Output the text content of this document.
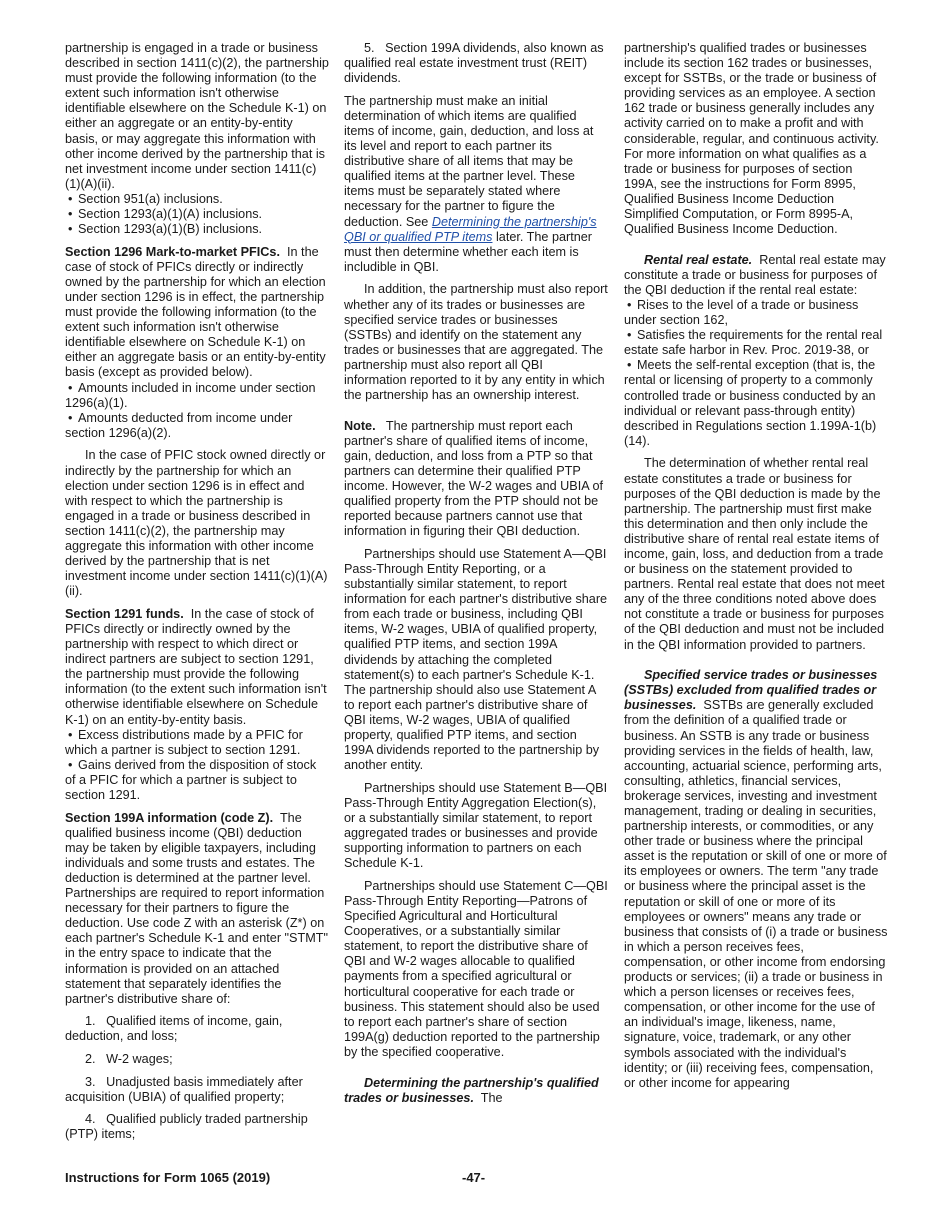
partnership is engaged in a trade or business described in section 1411(c)(2), the partnership must provide the following information (to the extent such information isn't otherwise identifiable elsewhere on the Schedule K-1) on either an aggregate or an entity-by-entity basis, or may aggregate this information with other income derived by the partnership that is net investment income under section 1411(c)(1)(A)(ii).

• Section 951(a) inclusions.
• Section 1293(a)(1)(A) inclusions.
• Section 1293(a)(1)(B) inclusions.

Section 1296 Mark-to-market PFICs. In the case of stock of PFICs directly or indirectly owned by the partnership for which an election under section 1296 is in effect, the partnership must provide the following information (to the extent such information isn't otherwise identifiable elsewhere on Schedule K-1) on either an aggregate basis or an entity-by-entity basis (except as provided below).

• Amounts included in income under section 1296(a)(1).
• Amounts deducted from income under section 1296(a)(2).

In the case of PFIC stock owned directly or indirectly by the partnership for which an election under section 1296 is in effect and with respect to which the partnership is engaged in a trade or business described in section 1411(c)(2), the partnership may aggregate this information with other income derived by the partnership that is net investment income under section 1411(c)(1)(A)(ii).

Section 1291 funds. In the case of stock of PFICs directly or indirectly owned by the partnership with respect to which direct or indirect partners are subject to section 1291, the partnership must provide the following information (to the extent such information isn't otherwise identifiable elsewhere on Schedule K-1) on an entity-by-entity basis.

• Excess distributions made by a PFIC for which a partner is subject to section 1291.
• Gains derived from the disposition of stock of a PFIC for which a partner is subject to section 1291.

Section 199A information (code Z). The qualified business income (QBI) deduction may be taken by eligible taxpayers, including individuals and some trusts and estates. The deduction is determined at the partner level. Partnerships are required to report information necessary for their partners to figure the deduction. Use code Z with an asterisk (Z*) on each partner's Schedule K-1 and enter "STMT" in the entry space to indicate that the information is provided on an attached statement that separately identifies the partner's distributive share of:

1.   Qualified items of income, gain, deduction, and loss;

2.   W-2 wages;

3.   Unadjusted basis immediately after acquisition (UBIA) of qualified property;

4.   Qualified publicly traded partnership (PTP) items;

5.   Section 199A dividends, also known as qualified real estate investment trust (REIT) dividends.

The partnership must make an initial determination of which items are qualified items of income, gain, deduction, and loss at its level and report to each partner its distributive share of all items that may be qualified items at the partner level. These items must be separately stated where necessary for the partner to figure the deduction. See Determining the partnership's QBI or qualified PTP items later. The partner must then determine whether each item is includible in QBI.

In addition, the partnership must also report whether any of its trades or businesses are specified service trades or businesses (SSTBs) and identify on the statement any trades or businesses that are aggregated. The partnership must also report all QBI information reported to it by any entity in which the partnership has an ownership interest.

Note. The partnership must report each partner's share of qualified items of income, gain, deduction, and loss from a PTP so that partners can determine their qualified PTP income. However, the W-2 wages and UBIA of qualified property from the PTP should not be reported because partners cannot use that information in figuring their QBI deduction.

Partnerships should use Statement A—QBI Pass-Through Entity Reporting, or a substantially similar statement, to report information for each partner's distributive share from each trade or business, including QBI items, W-2 wages, UBIA of qualified property, qualified PTP items, and section 199A dividends by attaching the completed statement(s) to each partner's Schedule K-1. The partnership should also use Statement A to report each partner's distributive share of QBI items, W-2 wages, UBIA of qualified property, qualified PTP items, and section 199A dividends reported to the partnership by another entity.

Partnerships should use Statement B—QBI Pass-Through Entity Aggregation Election(s), or a substantially similar statement, to report aggregated trades or businesses and provide supporting information to partners on each Schedule K-1.

Partnerships should use Statement C—QBI Pass-Through Entity Reporting—Patrons of Specified Agricultural and Horticultural Cooperatives, or a substantially similar statement, to report the distributive share of QBI and W-2 wages allocable to qualified payments from a specified agricultural or horticultural cooperative for each trade or business. This statement should also be used to report each partner's share of section 199A(g) deduction reported to the partnership by the specified cooperative.

Determining the partnership's qualified trades or businesses. The

partnership's qualified trades or businesses include its section 162 trades or businesses, except for SSTBs, or the trade or business of providing services as an employee. A section 162 trade or business generally includes any activity carried on to make a profit and with considerable, regular, and continuous activity. For more information on what qualifies as a trade or business for purposes of section 199A, see the instructions for Form 8995, Qualified Business Income Deduction Simplified Computation, or Form 8995-A, Qualified Business Income Deduction.

Rental real estate. Rental real estate may constitute a trade or business for purposes of the QBI deduction if the rental real estate:

• Rises to the level of a trade or business under section 162,
• Satisfies the requirements for the rental real estate safe harbor in Rev. Proc. 2019-38, or
• Meets the self-rental exception (that is, the rental or licensing of property to a commonly controlled trade or business conducted by an individual or relevant pass-through entity) described in Regulations section 1.199A-1(b)(14).

The determination of whether rental real estate constitutes a trade or business for purposes of the QBI deduction is made by the partnership. The partnership must first make this determination and then only include the distributive share of rental real estate items of income, gain, loss, and deduction from a trade or business on the statement provided to partners. Rental real estate that does not meet any of the three conditions noted above does not constitute a trade or business for purposes of the QBI deduction and must not be included in the QBI information provided to partners.

Specified service trades or businesses (SSTBs) excluded from qualified trades or businesses. SSTBs are generally excluded from the definition of a qualified trade or business. An SSTB is any trade or business providing services in the fields of health, law, accounting, actuarial science, performing arts, consulting, athletics, financial services, brokerage services, investing and investment management, trading or dealing in securities, partnership interests, or commodities, or any other trade or business where the principal asset is the reputation or skill of one or more of its employees or owners. The term "any trade or business where the principal asset is the reputation or skill of one or more of its employees or owners" means any trade or business that consists of (i) a trade or business in which a person receives fees, compensation, or other income from endorsing products or services; (ii) a trade or business in which a person licenses or receives fees, compensation, or other income for the use of an individual's image, likeness, name, signature, voice, trademark, or any other symbols associated with the individual's identity; or (iii) receiving fees, compensation, or other income for appearing

Instructions for Form 1065 (2019)	-47-
